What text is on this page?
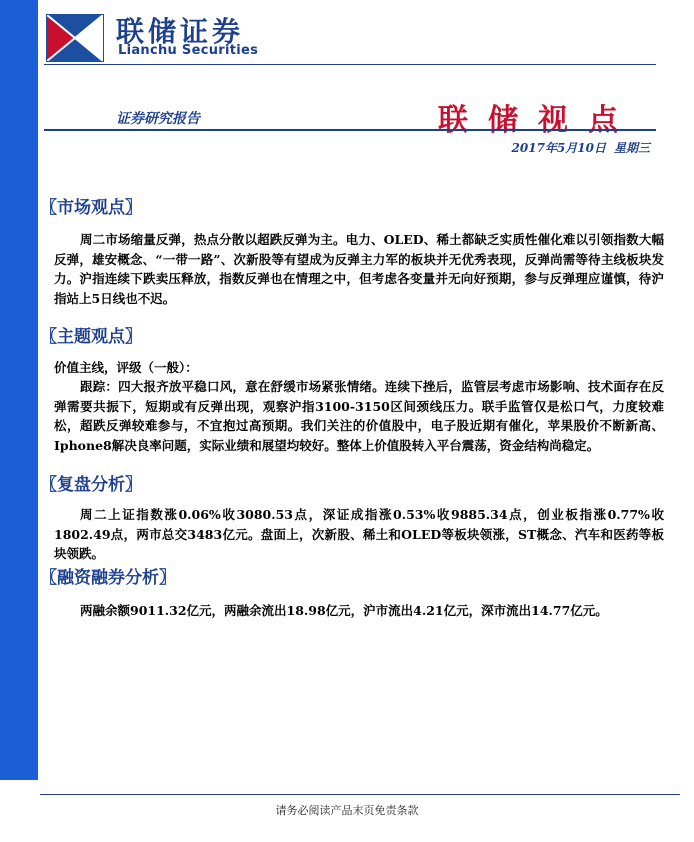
联储证券
Lianchu Securities
证券研究报告	联储视点
2017年5月10日 星期三
〖市场观点〗
周二市场缩量反弹，热点分散以超跌反弹为主。电力、OLED、稀土都缺乏实质性催化难以引领指数大幅反弹，雄安概念、“一带一路”、次新股等有望成为反弹主力军的板块并无优秀表现，反弹尚需等待主线板块发力。沪指连续下跌卖压释放，指数反弹也在情理之中，但考虑各变量并无向好预期，参与反弹理应谨慎，待沪指站上5日线也不迟。
〖主题观点〗
价值主线，评级（一般）：
跟踪：四大报齐放平稳口风，意在舒缓市场紧张情绪。连续下挫后，监管层考虑市场影响、技术面存在反弹需要共振下，短期或有反弹出现，观察沪指3100-3150区间颈线压力。联手监管仅是松口气，力度较难松，超跌反弹较难参与，不宜抱过高预期。我们关注的价值股中，电子股近期有催化，苹果股价不断新高、Iphone8解决良率问题，实际业绩和展望均较好。整体上价值股转入平台震荡，资金结构尚稳定。
〖复盘分析〗
周二上证指数涨0.06%收3080.53点，深证成指涨0.53%收9885.34点，创业板指涨0.77%收1802.49点，两市总交3483亿元。盘面上，次新股、稀土和OLED等板块领涨，ST概念、汽车和医药等板块领跌。
〖融资融券分析〗
两融余额9011.32亿元，两融余流出18.98亿元，沪市流出4.21亿元，深市流出14.77亿元。
请务必阅读产品末页免责条款
